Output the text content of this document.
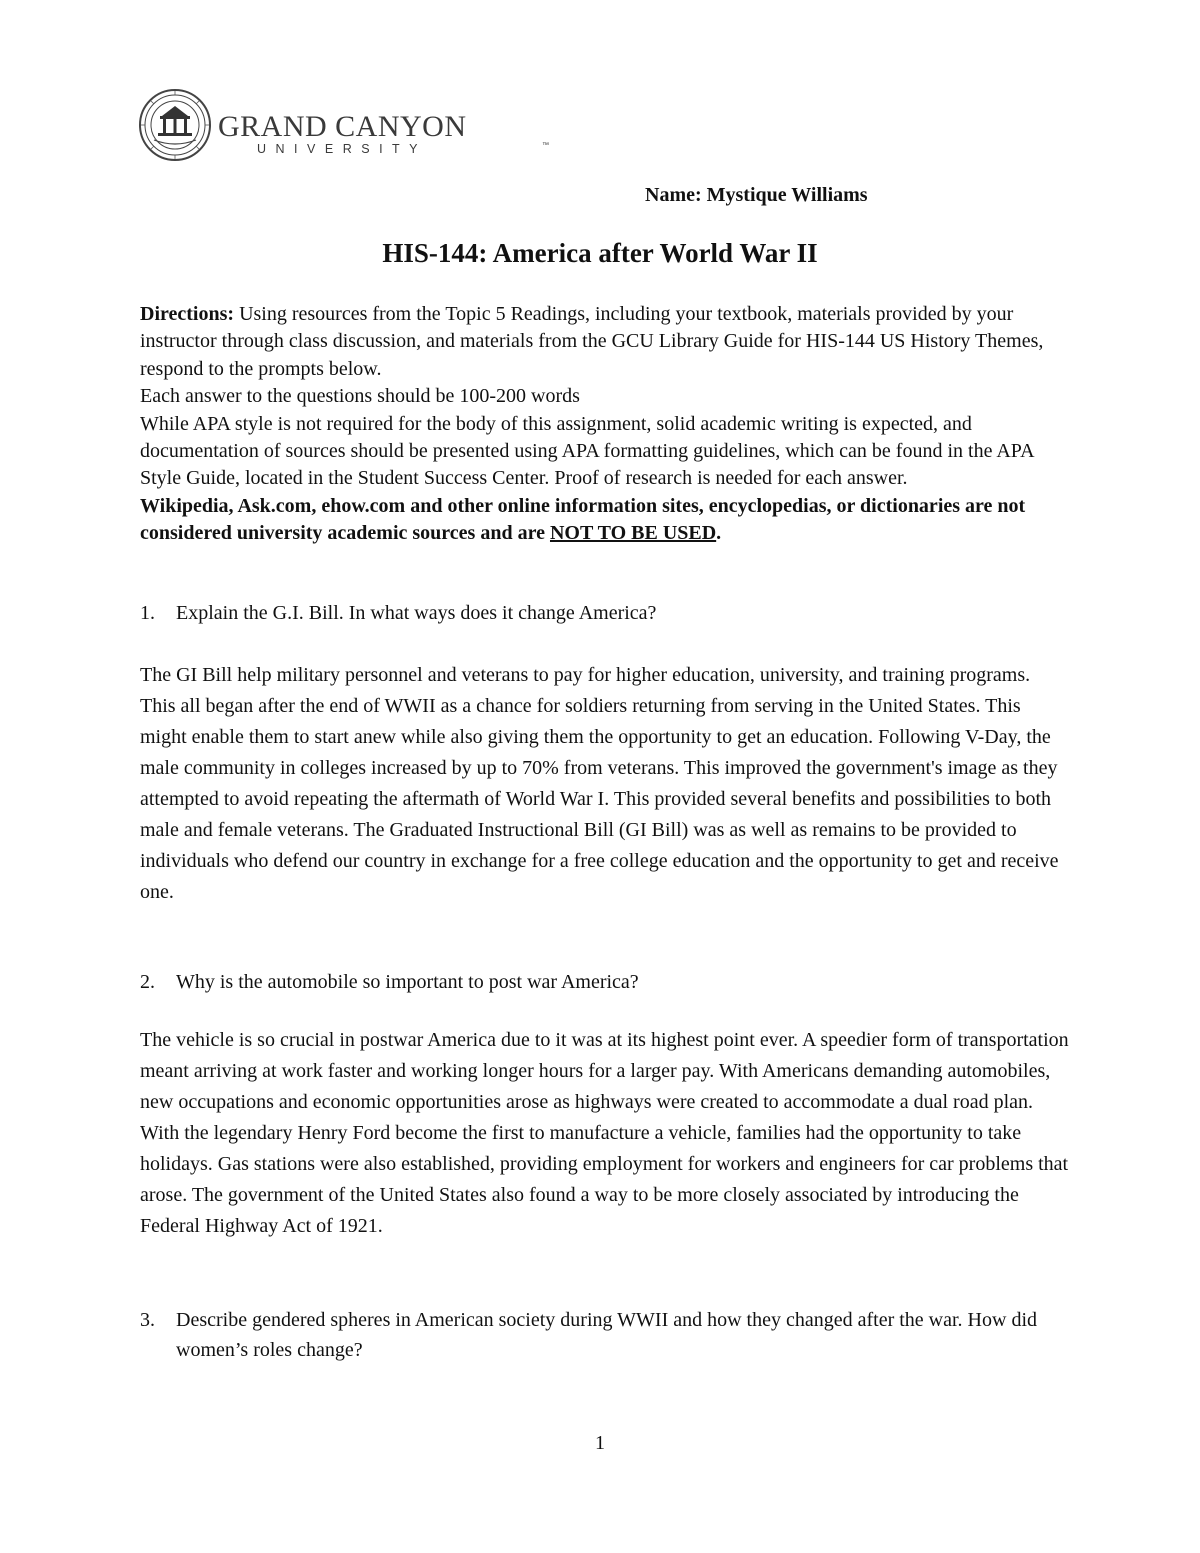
GRAND CANYON
UNIVERSITY	™
Name: Mystique Williams
HIS-144: America after World War II

Directions: Using resources from the Topic 5 Readings, including your textbook, materials provided by your instructor through class discussion, and materials from the GCU Library Guide for HIS-144 US History Themes, respond to the prompts below.

Each answer to the questions should be 100-200 words

While APA style is not required for the body of this assignment, solid academic writing is expected, and documentation of sources should be presented using APA formatting guidelines, which can be found in the APA Style Guide, located in the Student Success Center. Proof of research is needed for each answer.

Wikipedia, Ask.com, ehow.com and other online information sites, encyclopedias, or dictionaries are not considered university academic sources and are NOT TO BE USED.

1. Explain the G.I. Bill. In what ways does it change America?

The GI Bill help military personnel and veterans to pay for higher education, university, and training programs. This all began after the end of WWII as a chance for soldiers returning from serving in the United States. This might enable them to start anew while also giving them the opportunity to get an education. Following V-Day, the male community in colleges increased by up to 70% from veterans. This improved the government's image as they attempted to avoid repeating the aftermath of World War I. This provided several benefits and possibilities to both male and female veterans. The Graduated Instructional Bill (GI Bill) was as well as remains to be provided to individuals who defend our country in exchange for a free college education and the opportunity to get and receive one.

2. Why is the automobile so important to post war America?

The vehicle is so crucial in postwar America due to it was at its highest point ever. A speedier form of transportation meant arriving at work faster and working longer hours for a larger pay. With Americans demanding automobiles, new occupations and economic opportunities arose as highways were created to accommodate a dual road plan. With the legendary Henry Ford become the first to manufacture a vehicle, families had the opportunity to take holidays. Gas stations were also established, providing employment for workers and engineers for car problems that arose. The government of the United States also found a way to be more closely associated by introducing the Federal Highway Act of 1921.

3. Describe gendered spheres in American society during WWII and how they changed after the war. How did women’s roles change?
1
